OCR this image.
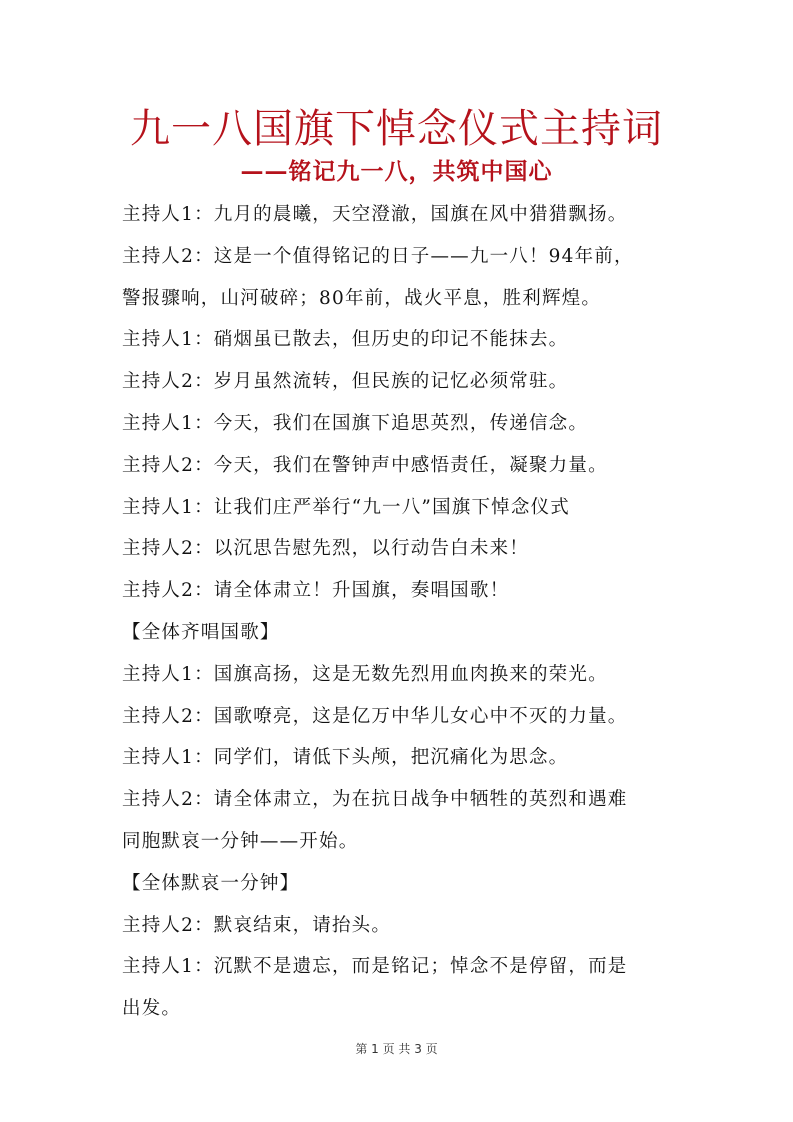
九一八国旗下悼念仪式主持词
——铭记九一八，共筑中国心
主持人1：九月的晨曦，天空澄澈，国旗在风中猎猎飘扬。
主持人2：这是一个值得铭记的日子——九一八！94年前，
警报骤响，山河破碎；80年前，战火平息，胜利辉煌。
主持人1：硝烟虽已散去，但历史的印记不能抹去。
主持人2：岁月虽然流转，但民族的记忆必须常驻。
主持人1：今天，我们在国旗下追思英烈，传递信念。
主持人2：今天，我们在警钟声中感悟责任，凝聚力量。
主持人1：让我们庄严举行“九一八”国旗下悼念仪式
主持人2：以沉思告慰先烈，以行动告白未来！
主持人2：请全体肃立！升国旗，奏唱国歌！
【全体齐唱国歌】
主持人1：国旗高扬，这是无数先烈用血肉换来的荣光。
主持人2：国歌嘹亮，这是亿万中华儿女心中不灭的力量。
主持人1：同学们，请低下头颅，把沉痛化为思念。
主持人2：请全体肃立，为在抗日战争中牺牲的英烈和遇难
同胞默哀一分钟——开始。
【全体默哀一分钟】
主持人2：默哀结束，请抬头。
主持人1：沉默不是遗忘，而是铭记；悼念不是停留，而是
出发。
第 1 页 共 3 页
